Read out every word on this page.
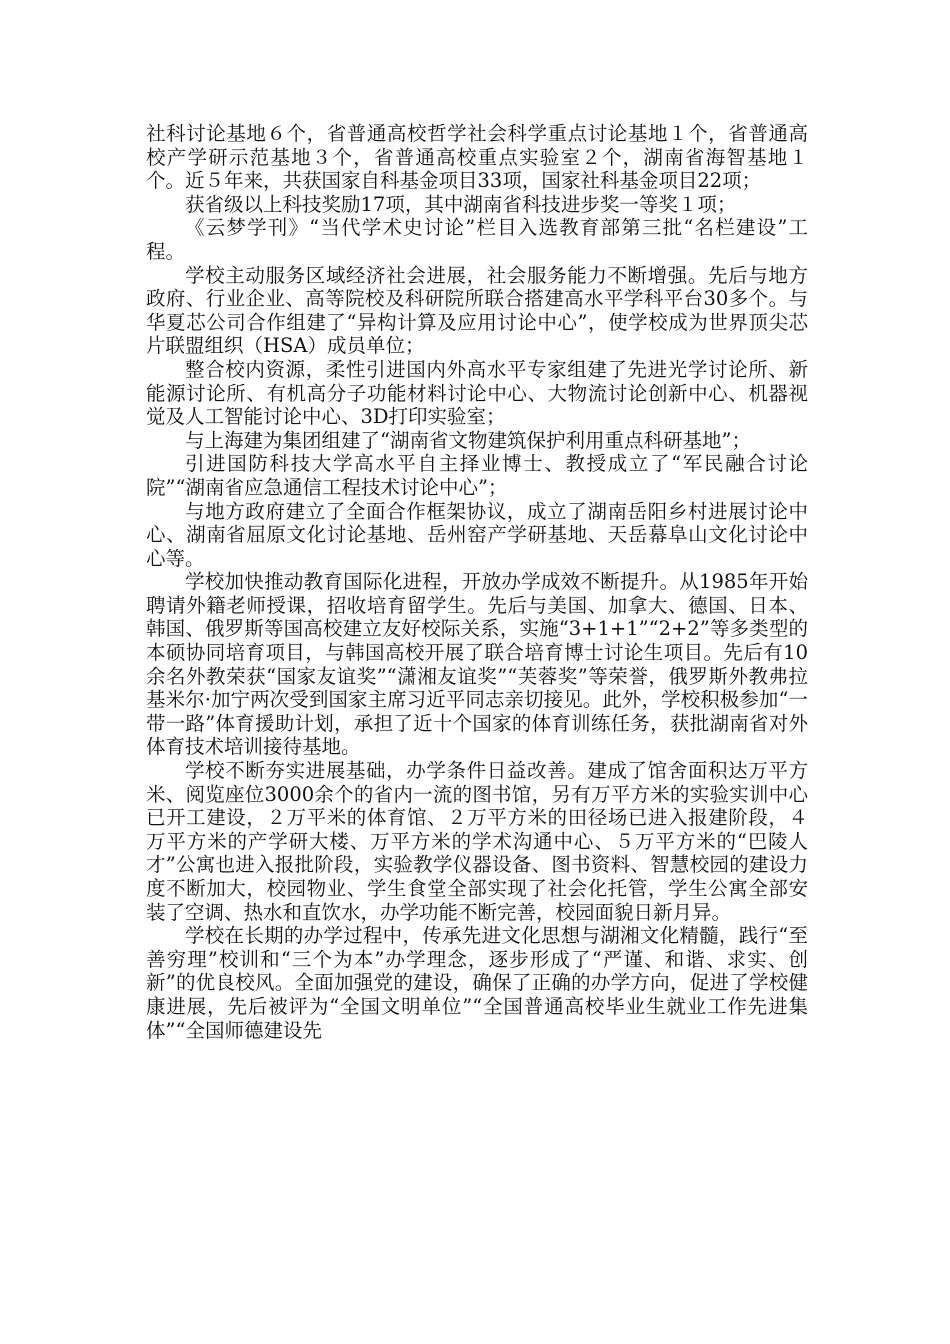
社科讨论基地６个，省普通高校哲学社会科学重点讨论基地１个，省普通高校产学研示范基地３个，省普通高校重点实验室２个，湖南省海智基地１个。近５年来，共获国家自科基金项目33项，国家社科基金项目22项；

获省级以上科技奖励17项，其中湖南省科技进步奖一等奖１项；

《云梦学刊》“当代学术史讨论”栏目入选教育部第三批“名栏建设”工程。

学校主动服务区域经济社会进展，社会服务能力不断增强。先后与地方政府、行业企业、高等院校及科研院所联合搭建高水平学科平台30多个。与华夏芯公司合作组建了“异构计算及应用讨论中心”，使学校成为世界顶尖芯片联盟组织（HSA）成员单位；

整合校内资源，柔性引进国内外高水平专家组建了先进光学讨论所、新能源讨论所、有机高分子功能材料讨论中心、大物流讨论创新中心、机器视觉及人工智能讨论中心、3D打印实验室；

与上海建为集团组建了“湖南省文物建筑保护利用重点科研基地”；

引进国防科技大学高水平自主择业博士、教授成立了“军民融合讨论院”“湖南省应急通信工程技术讨论中心”；

与地方政府建立了全面合作框架协议，成立了湖南岳阳乡村进展讨论中心、湖南省屈原文化讨论基地、岳州窑产学研基地、天岳幕阜山文化讨论中心等。

学校加快推动教育国际化进程，开放办学成效不断提升。从1985年开始聘请外籍老师授课，招收培育留学生。先后与美国、加拿大、德国、日本、韩国、俄罗斯等国高校建立友好校际关系，实施“3+1+1”“2+2”等多类型的本硕协同培育项目，与韩国高校开展了联合培育博士讨论生项目。先后有10余名外教荣获“国家友谊奖”“潇湘友谊奖”“芙蓉奖”等荣誉，俄罗斯外教弗拉基米尔·加宁两次受到国家主席习近平同志亲切接见。此外，学校积极参加“一带一路”体育援助计划，承担了近十个国家的体育训练任务，获批湖南省对外体育技术培训接待基地。

学校不断夯实进展基础，办学条件日益改善。建成了馆舍面积达万平方米、阅览座位3000余个的省内一流的图书馆，另有万平方米的实验实训中心已开工建设，２万平米的体育馆、２万平方米的田径场已进入报建阶段，４万平方米的产学研大楼、万平方米的学术沟通中心、５万平方米的“巴陵人才”公寓也进入报批阶段，实验教学仪器设备、图书资料、智慧校园的建设力度不断加大，校园物业、学生食堂全部实现了社会化托管，学生公寓全部安装了空调、热水和直饮水，办学功能不断完善，校园面貌日新月异。

学校在长期的办学过程中，传承先进文化思想与湖湘文化精髓，践行“至善穷理”校训和“三个为本”办学理念，逐步形成了“严谨、和谐、求实、创新”的优良校风。全面加强党的建设，确保了正确的办学方向，促进了学校健康进展，先后被评为“全国文明单位”“全国普通高校毕业生就业工作先进集体”“全国师德建设先
